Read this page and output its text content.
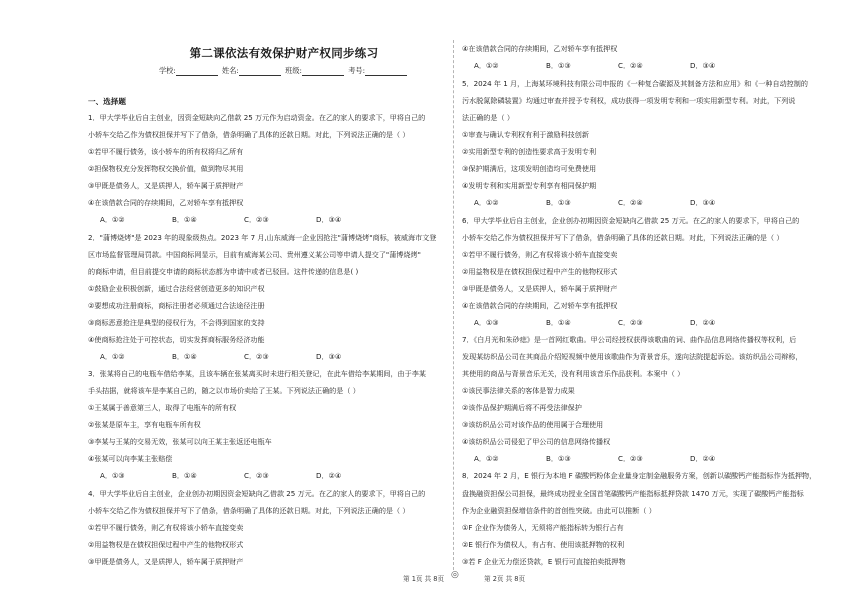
第二课依法有效保护财产权同步练习
学校:	姓名:	班级:	考号:
一、选择题
1．甲大学毕业后自主创业，因资金短缺向乙借款 25 万元作为启动资金。在乙的家人的要求下，甲将自己的
小轿车交给乙作为债权担保并写下了借条，借条明确了具体的还款日期。对此，下列说法正确的是（ ）
①若甲不履行债务，该小轿车的所有权将归乙所有
②担保物权充分发挥物权交换价值，做到物尽其用
③甲既是债务人，又是质押人，轿车属于质押财产
④在该借款合同的存续期间，乙对轿车享有抵押权
A．①②	B．①④	C．②③	D．③④
2．"蒲博烧烤"是 2023 年的现象级热点。2023 年 7 月,山东威海一企业因抢注"蒲博烧烤"商标，被威海市文登
区市场监督管理局罚款。中国商标网显示，目前有威海某公司、贵州遵义某公司等申请人提交了"蒲博烧烤"
的商标申请，但目前提交申请的商标状态都为申请中或者已驳回。这件传递的信息是( )
①鼓励企业积极创新，通过合法经营创造更多的知识产权
②要想成功注册商标，商标注册者必须通过合法途径注册
③商标恶意抢注是典型的侵权行为，不会得到国家的支持
④使商标抢注处于可控状态，切实发挥商标服务经济功能
A．①②	B．①④	C．②③	D．③④
3．张某将自己的电瓶车借给李某，且该车辆在张某离买时未进行相关登记，在此车借给李某期间，由于李某
手头拮据，就将该车是李某自己的，随之以市场价卖给了王某。下列说法正确的是（ ）
①王某属于善意第三人，取得了电瓶车的所有权
②张某是原车主，享有电瓶车所有权
③李某与王某的交易无效，张某可以向王某主张返还电瓶车
④张某可以向李某主张赔偿
A．①③	B．①④	C．②③	D．②④
4．甲大学毕业后自主创业，企业创办初期因资金短缺向乙借款 25 万元。在乙的家人的要求下，甲将自己的
小轿车交给乙作为债权担保并写下了借条，借条明确了具体的还款日期。对此，下列说法正确的是（ ）
①若甲不履行债务，则乙有权将该小轿车直接变卖
②用益物权是在债权担保过程中产生的他物权形式
③甲既是债务人，又是质押人，轿车属于质押财产
④在该借款合同的存续期间，乙对轿车享有抵押权
A．①②	B．①③	C．②④	D．③④
5．2024 年 1 月，上海某环境科技有限公司申报的《一种复合碳源及其制备方法和应用》和《一种自动控制的
污水脱氮除磷装置》均通过审查并授予专利权，成功获得一项发明专利和一项实用新型专利。对此，下列说
法正确的是（ ）
①审查与确认专利权有利于激励科技创新
②实用新型专利的创造性要求高于发明专利
③保护期满后，这项发明创造均可免费使用
④发明专利和实用新型专利享有相同保护期
A．①②	B．①③	C．②④	D．③④
6．甲大学毕业后自主创业，企业创办初期因资金短缺向乙借款 25 万元。在乙的家人的要求下，甲将自己的
小轿车交给乙作为债权担保并写下了借条，借条明确了具体的还款日期。对此，下列说法正确的是（ ）
①若甲不履行债务，则乙有权将该小轿车直接变卖
②用益物权是在债权担保过程中产生的他物权形式
③甲既是债务人，又是质押人，轿车属于质押财产
④在该借款合同的存续期间，乙对轿车享有抵押权
A．①③	B．①④	C．②③	D．②④
7．《白月光和朱砂痣》是一首网红歌曲。甲公司经授权获得该歌曲的词、曲作品信息网络传播权等权利，后
发现某纺织品公司在其商品介绍短视频中使用该歌曲作为背景音乐，遂向法院提起诉讼。该纺织品公司辩称，
其使用的商品与背景音乐无关，没有利用该音乐作品获利。本案中（ ）
①该民事法律关系的客体是智力成果
②该作品保护期满后将不再受法律保护
③该纺织品公司对该作品的使用属于合理使用
④该纺织品公司侵犯了甲公司的信息网络传播权
A．①②	B．①③	C．②③	D．②④
8．2024 年 2 月，E 银行为本地 F 碳酸钙粉体企业量身定制金融服务方案，创新以碳酸钙产能指标作为抵押物，
盘换融资担保公司担保，最终成功授业全国首笔碳酸钙产能指标抵押贷款 1470 万元，实现了碳酸钙产能指标
作为企业融资担保增信条件的首创性突破。由此可以推断（ ）
①F 企业作为债务人，无须将产能指标转为银行占有
②E 银行作为债权人，有占有、使用该抵押物的权利
③若 F 企业无力偿还贷款，E 银行可直接拍卖抵押物
第 1页 共 8页 ◎	第 2页 共 8页
